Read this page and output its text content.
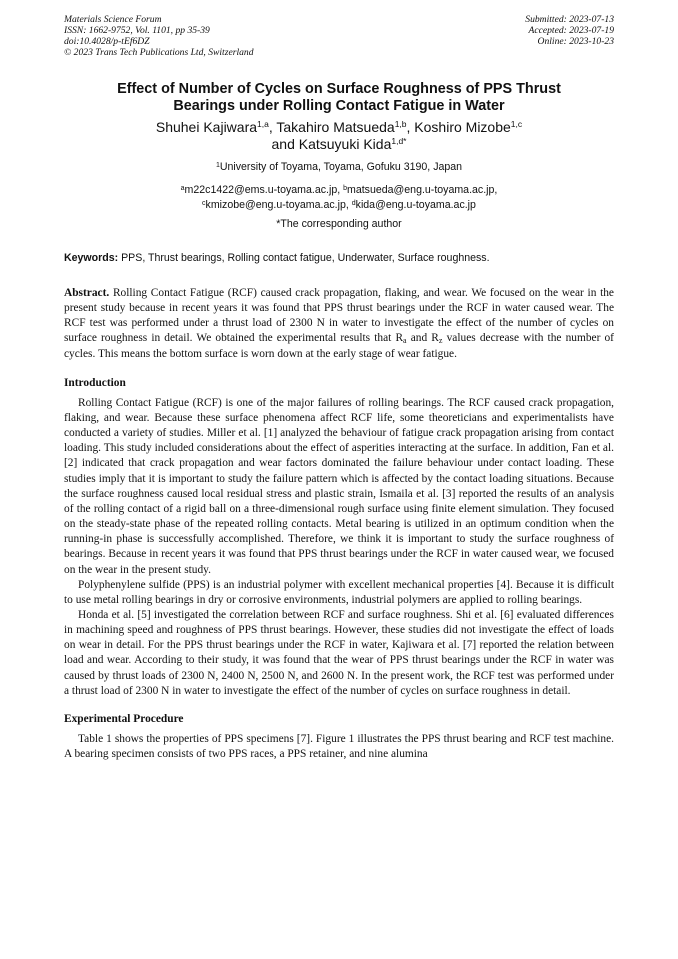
Materials Science Forum
ISSN: 1662-9752, Vol. 1101, pp 35-39
doi:10.4028/p-tEf6DZ
© 2023 Trans Tech Publications Ltd, Switzerland
Submitted: 2023-07-13
Accepted: 2023-07-19
Online: 2023-10-23
Effect of Number of Cycles on Surface Roughness of PPS Thrust
Bearings under Rolling Contact Fatigue in Water
Shuhei Kajiwara$^{1,a}$, Takahiro Matsueda$^{1,b}$, Koshiro Mizobe$^{1,c}$
and Katsuyuki Kida$^{1,d*}$
$^1$University of Toyama, Toyama, Gofuku 3190, Japan
$^a$m22c1422@ems.u-toyama.ac.jp, $^b$matsueda@eng.u-toyama.ac.jp,
$^c$kmizobe@eng.u-toyama.ac.jp, $^d$kida@eng.u-toyama.ac.jp
*The corresponding author
Keywords: PPS, Thrust bearings, Rolling contact fatigue, Underwater, Surface roughness.
Abstract. Rolling Contact Fatigue (RCF) caused crack propagation, flaking, and wear. We focused on the wear in the present study because in recent years it was found that PPS thrust bearings under the RCF in water caused wear. The RCF test was performed under a thrust load of 2300 N in water to investigate the effect of the number of cycles on surface roughness in detail. We obtained the experimental results that $R_a$ and $R_z$ values decrease with the number of cycles. This means the bottom surface is worn down at the early stage of wear fatigue.
Introduction

Rolling Contact Fatigue (RCF) is one of the major failures of rolling bearings. The RCF caused crack propagation, flaking, and wear. Because these surface phenomena affect RCF life, some theoreticians and experimentalists have conducted a variety of studies. Miller et al. [1] analyzed the behaviour of fatigue crack propagation arising from contact loading. This study included considerations about the effect of asperities interacting at the surface. In addition, Fan et al. [2] indicated that crack propagation and wear factors dominated the failure behaviour under contact loading. These studies imply that it is important to study the failure pattern which is affected by the contact loading situations. Because the surface roughness caused local residual stress and plastic strain, Ismaila et al. [3] reported the results of an analysis of the rolling contact of a rigid ball on a three-dimensional rough surface using finite element simulation. They focused on the steady-state phase of the repeated rolling contacts. Metal bearing is utilized in an optimum condition when the running-in phase is successfully accomplished. Therefore, we think it is important to study the surface roughness of bearings. Because in recent years it was found that PPS thrust bearings under the RCF in water caused wear, we focused on the wear in the present study.

Polyphenylene sulfide (PPS) is an industrial polymer with excellent mechanical properties [4]. Because it is difficult to use metal rolling bearings in dry or corrosive environments, industrial polymers are applied to rolling bearings.

Honda et al. [5] investigated the correlation between RCF and surface roughness. Shi et al. [6] evaluated differences in machining speed and roughness of PPS thrust bearings. However, these studies did not investigate the effect of loads on wear in detail. For the PPS thrust bearings under the RCF in water, Kajiwara et al. [7] reported the relation between load and wear. According to their study, it was found that the wear of PPS thrust bearings under the RCF in water was caused by thrust loads of 2300 N, 2400 N, 2500 N, and 2600 N. In the present work, the RCF test was performed under a thrust load of 2300 N in water to investigate the effect of the number of cycles on surface roughness in detail.

Experimental Procedure

Table 1 shows the properties of PPS specimens [7]. Figure 1 illustrates the PPS thrust bearing and RCF test machine. A bearing specimen consists of two PPS races, a PPS retainer, and nine alumina
